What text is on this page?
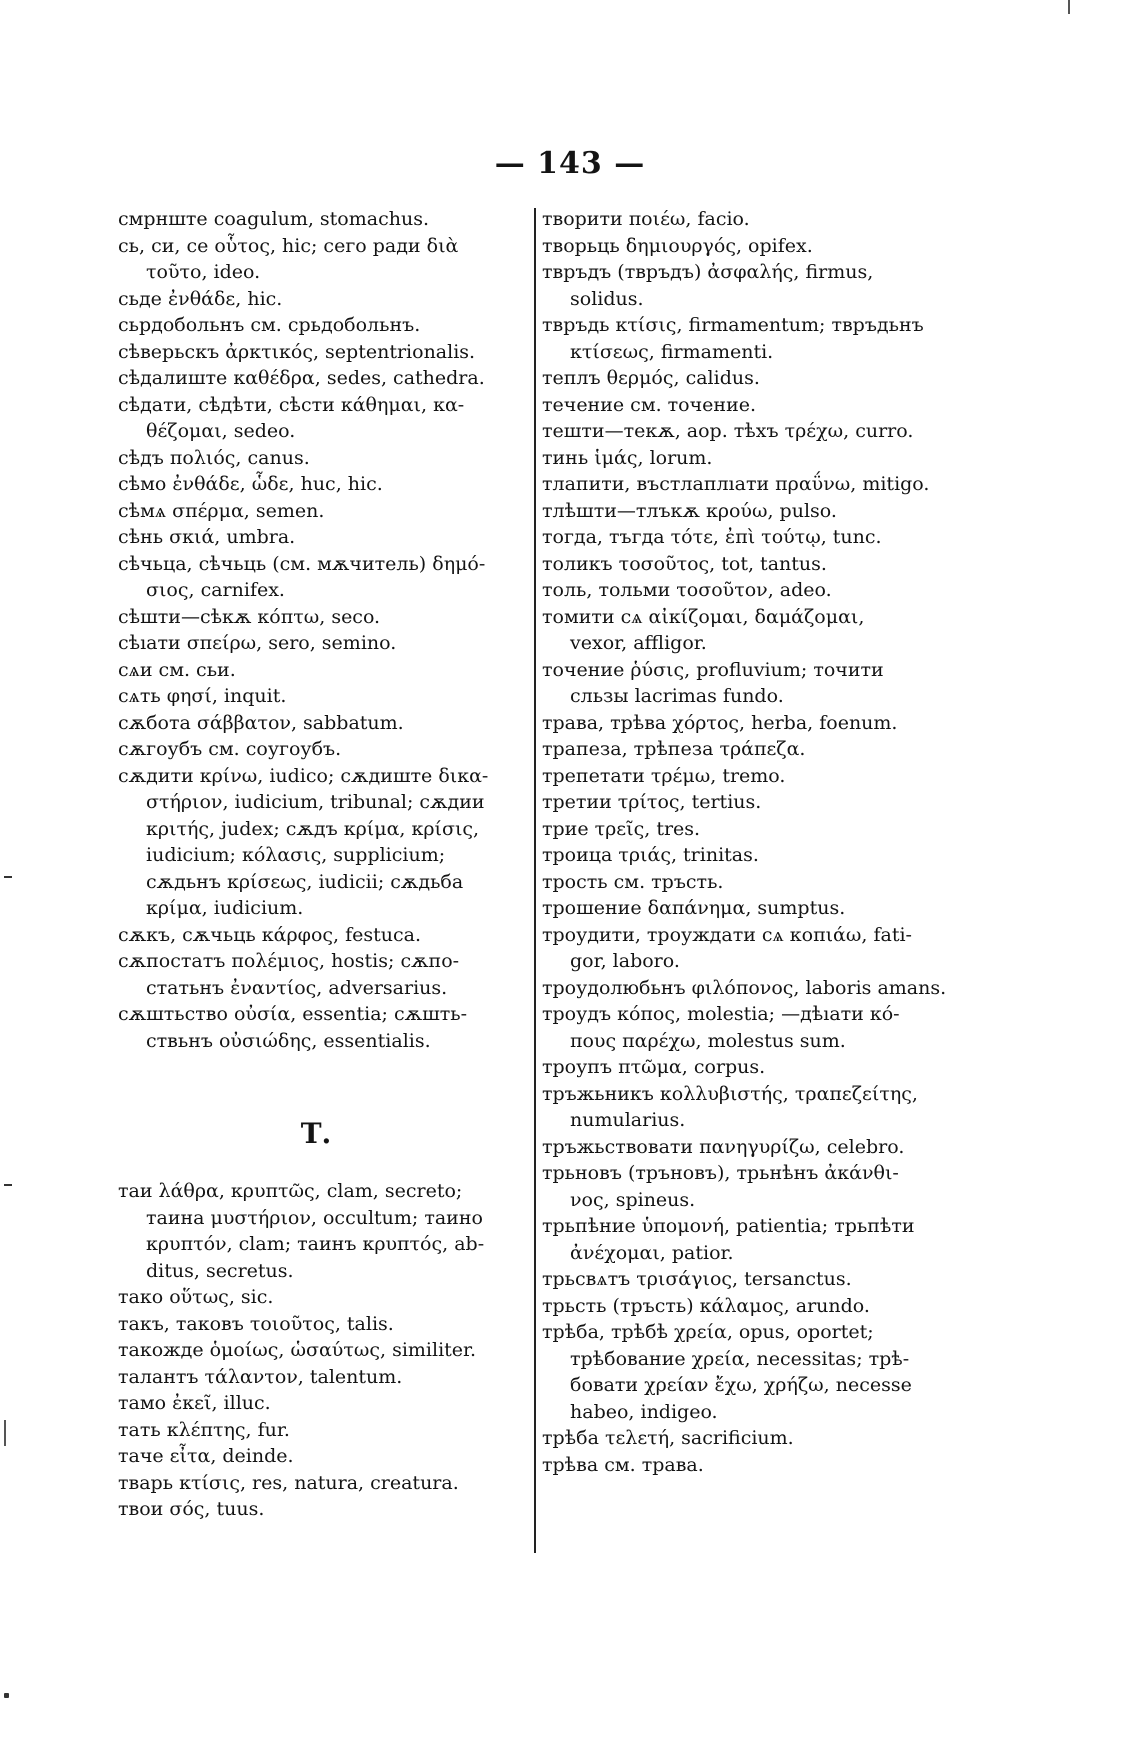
— 143 —
смрнште coagulum, stomachus.
сь, си, се οὗτος, hic; сего ради διὰ
τοῦτο, ideo.
сьде ἐνθάδε, hic.
сьрдобольнъ см. срьдобольнъ.
сѣверьскъ ἀρκτικός, septentrionalis.
сѣдалиште καθέδρα, sedes, cathedra.
сѣдати, сѣдѣти, сѣсти κάθημαι, κα-
θέζομαι, sedeo.
сѣдъ πολιός, canus.
сѣмо ἐνθάδε, ὧδε, huc, hic.
сѣмѧ σπέρμα, semen.
сѣнь σκιά, umbra.
сѣчьца, сѣчьць (см. мѫчитель) δημό-
σιος, carnifex.
сѣшти—сѣкѫ κόπτω, seco.
сѣıати σπείρω, sero, semino.
сѧи см. сьи.
сѧть φησί, inquit.
сѫбота σάββατον, sabbatum.
сѫгоубъ см. соугоубъ.
сѫдити κρίνω, iudico; сѫдиште δικα-
στήριον, iudicium, tribunal; сѫдии
κριτής, judex; сѫдъ κρίμα, κρίσις,
iudicium; κόλασις, supplicium;
сѫдьнъ κρίσεως, iudicii; сѫдьба
κρίμα, iudicium.
сѫкъ, сѫчьць κάρφος, festuca.
сѫпостатъ πολέμιος, hostis; сѫпо-
статьнъ ἐναντίος, adversarius.
сѫштьство οὐσία, essentia; сѫшть-
ствьнъ οὐσιώδης, essentialis.
Т.
таи λάθρα, κρυπτῶς, clam, secreto;
таина μυστήριον, occultum; таино
κρυπτόν, clam; таинъ κρυπτός, ab-
ditus, secretus.
тако οὕτως, sic.
такъ, таковъ τοιοῦτος, talis.
такожде ὁμοίως, ὡσαύτως, similiter.
талантъ τάλαντον, talentum.
тамо ἐκεῖ, illuc.
тать κλέπτης, fur.
таче εἶτα, deinde.
тварь κτίσις, res, natura, creatura.
твои σός, tuus.
творити ποιέω, facio.
творьць δημιουργός, opifex.
твръдъ (твръдъ) ἀσφαλής, firmus,
solidus.
твръдь κτίσις, firmamentum; твръдьнъ
κτίσεως, firmamenti.
теплъ θερμός, calidus.
течение см. точение.
тешти—текѫ, аор. тѣхъ τρέχω, curro.
тинь ἱμάς, lorum.
тлапити, въстлаплıати πραΰνω, mitigo.
тлѣшти—тлъкѫ κρούω, pulso.
тогда, тъгда τότε, ἐπὶ τούτῳ, tunc.
толикъ τοσοῦτος, tot, tantus.
толь, тольми τοσοῦτον, adeo.
томити сѧ αἰκίζομαι, δαμάζομαι,
vexor, affligor.
точение ῥύσις, profluvium; точити
сльзы lacrimas fundo.
трава, трѣва χόρτος, herba, foenum.
трапеза, трѣпеза τράπεζα.
трепетати τρέμω, tremo.
третии τρίτος, tertius.
трие τρεῖς, tres.
троица τριάς, trinitas.
трость см. тръсть.
трошение δαπάνημα, sumptus.
троудити, троуждати сѧ κοπιάω, fati-
gor, laboro.
троудолюбьнъ φιλόπονος, laboris amans.
троудъ κόπος, molestia; —дѣıати κό-
πους παρέχω, molestus sum.
троупъ πτῶμα, corpus.
тръжьникъ κολλυβιστής, τραπεζείτης,
numularius.
тръжьствовати πανηγυρίζω, celebro.
трьновъ (тръновъ), трьнѣнъ ἀκάνθι-
νος, spineus.
трьпѣние ὑπομονή, patientia; трьпѣти
ἀνέχομαι, patior.
трьсвѧтъ τρισάγιος, tersanctus.
трьсть (тръсть) κάλαμος, arundo.
трѣба, трѣбѣ χρεία, opus, oportet;
трѣбование χρεία, necessitas; трѣ-
бовати χρείαν ἔχω, χρήζω, necesse
habeo, indigeo.
трѣба τελετή, sacrificium.
трѣва см. трава.
